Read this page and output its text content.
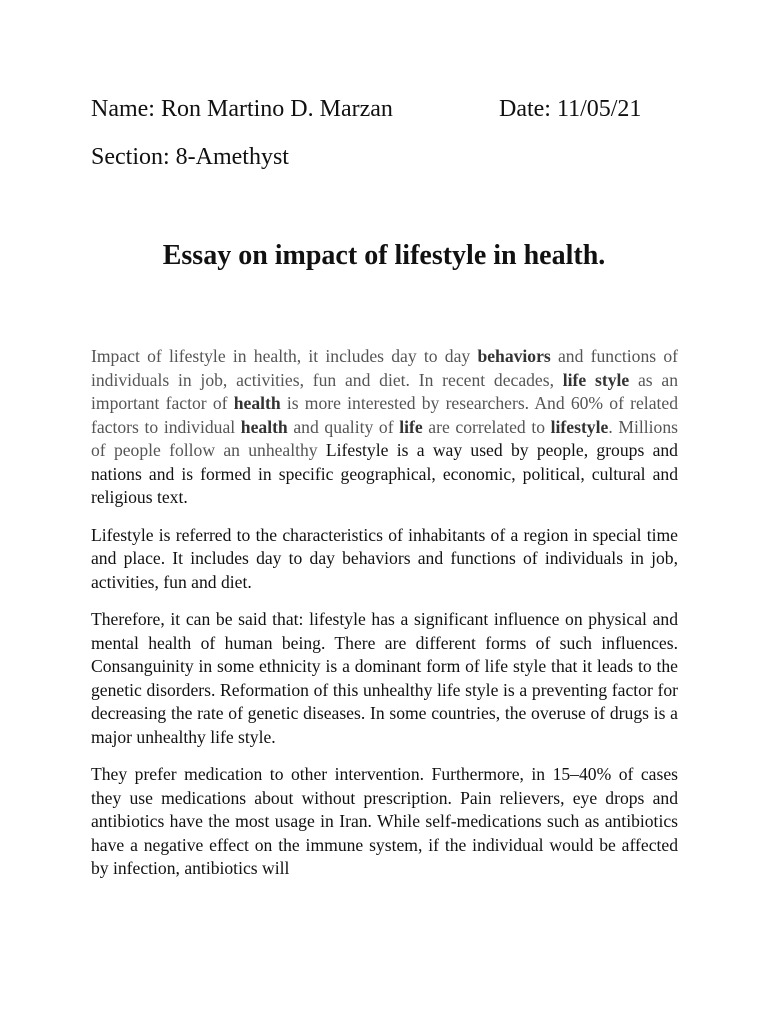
Name: Ron Martino D. Marzan	Date: 11/05/21
Section: 8-Amethyst
Essay on impact of lifestyle in health.

Impact of lifestyle in health, it includes day to day behaviors and functions of individuals in job, activities, fun and diet. In recent decades, life style as an important factor of health is more interested by researchers. And 60% of related factors to individual health and quality of life are correlated to lifestyle. Millions of people follow an unhealthy Lifestyle is a way used by people, groups and nations and is formed in specific geographical, economic, political, cultural and religious text.

Lifestyle is referred to the characteristics of inhabitants of a region in special time and place. It includes day to day behaviors and functions of individuals in job, activities, fun and diet.

Therefore, it can be said that: lifestyle has a significant influence on physical and mental health of human being. There are different forms of such influences. Consanguinity in some ethnicity is a dominant form of life style that it leads to the genetic disorders. Reformation of this unhealthy life style is a preventing factor for decreasing the rate of genetic diseases. In some countries, the overuse of drugs is a major unhealthy life style.

They prefer medication to other intervention. Furthermore, in 15–40% of cases they use medications about without prescription. Pain relievers, eye drops and antibiotics have the most usage in Iran. While self-medications such as antibiotics have a negative effect on the immune system, if the individual would be affected by infection, antibiotics will
